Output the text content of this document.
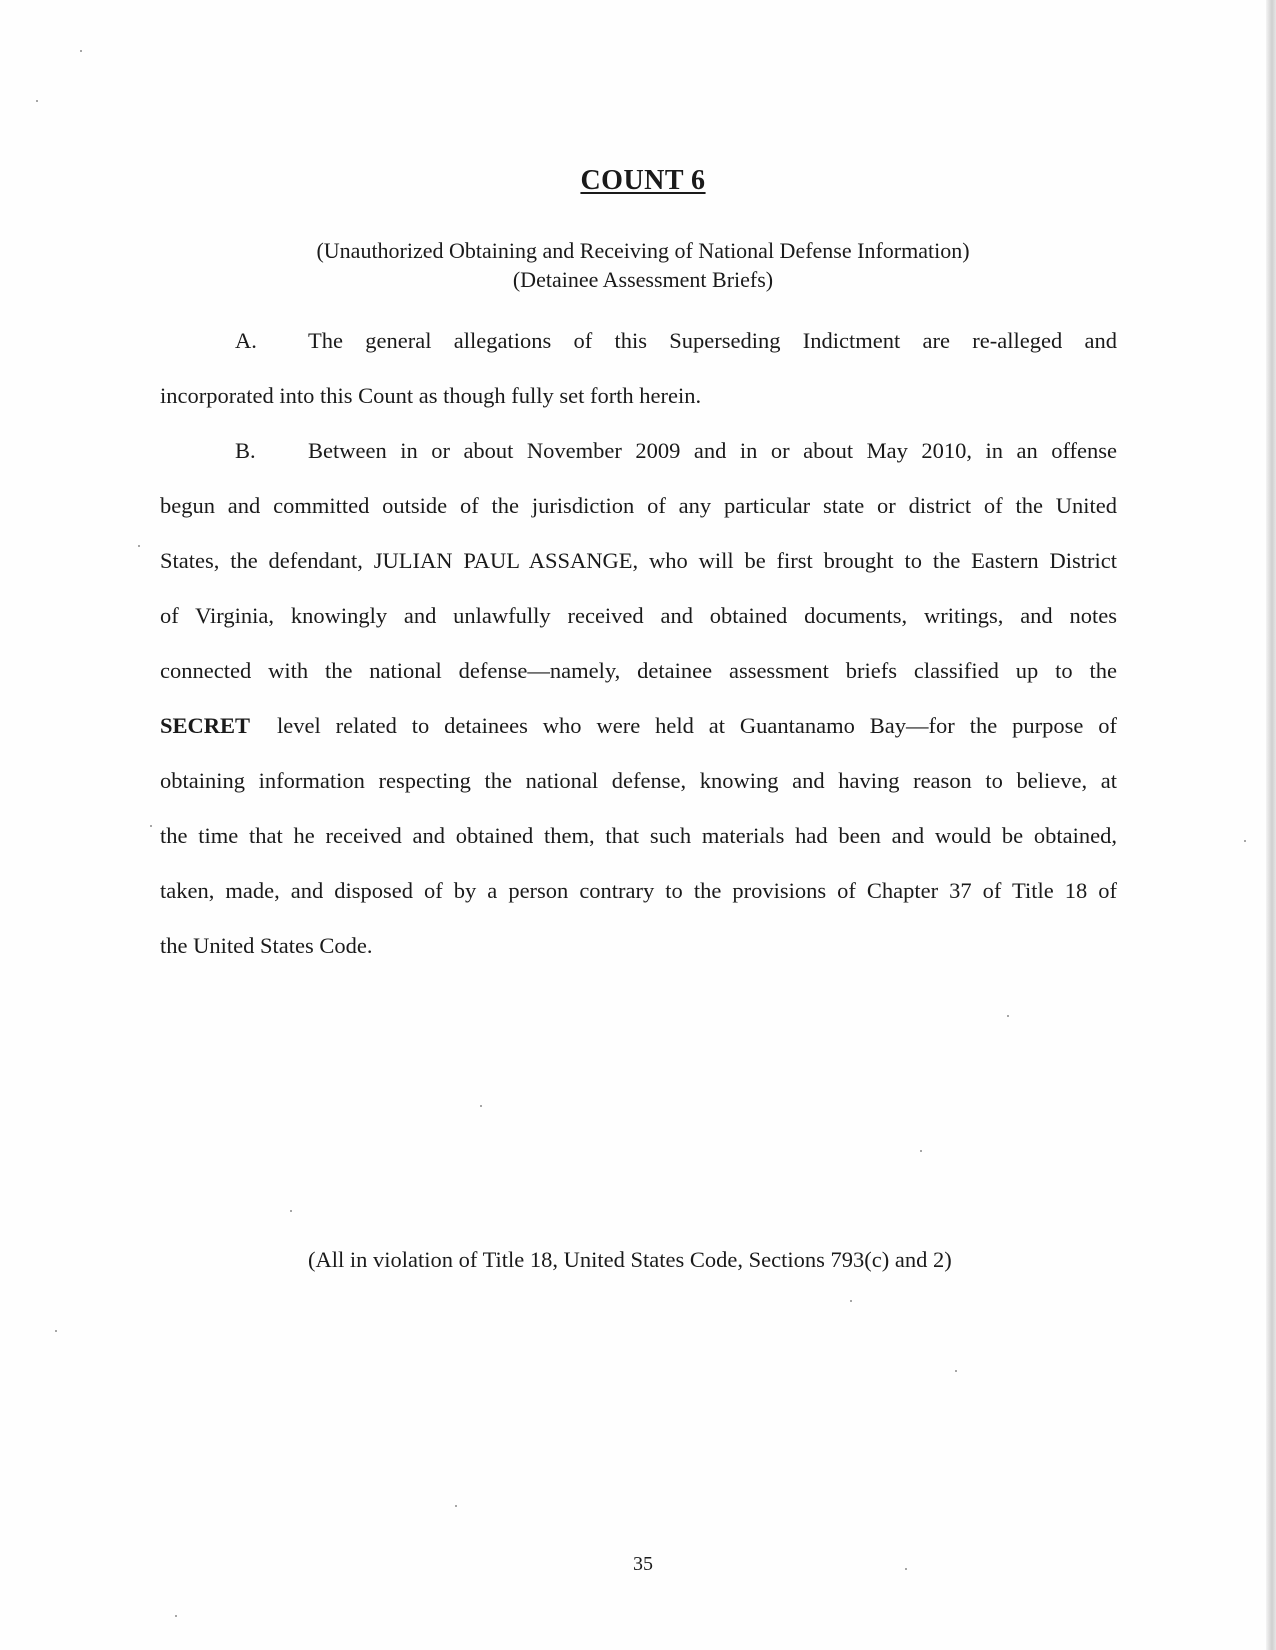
COUNT 6
(Unauthorized Obtaining and Receiving of National Defense Information)
(Detainee Assessment Briefs)
A. The general allegations of this Superseding Indictment are re-alleged and
incorporated into this Count as though fully set forth herein.
B. Between in or about November 2009 and in or about May 2010, in an offense
begun and committed outside of the jurisdiction of any particular state or district of the United
States, the defendant, JULIAN PAUL ASSANGE, who will be first brought to the Eastern District
of Virginia, knowingly and unlawfully received and obtained documents, writings, and notes
connected with the national defense—namely, detainee assessment briefs classified up to the
SECRET level related to detainees who were held at Guantanamo Bay—for the purpose of
obtaining information respecting the national defense, knowing and having reason to believe, at
the time that he received and obtained them, that such materials had been and would be obtained,
taken, made, and disposed of by a person contrary to the provisions of Chapter 37 of Title 18 of
the United States Code.
(All in violation of Title 18, United States Code, Sections 793(c) and 2)
35
